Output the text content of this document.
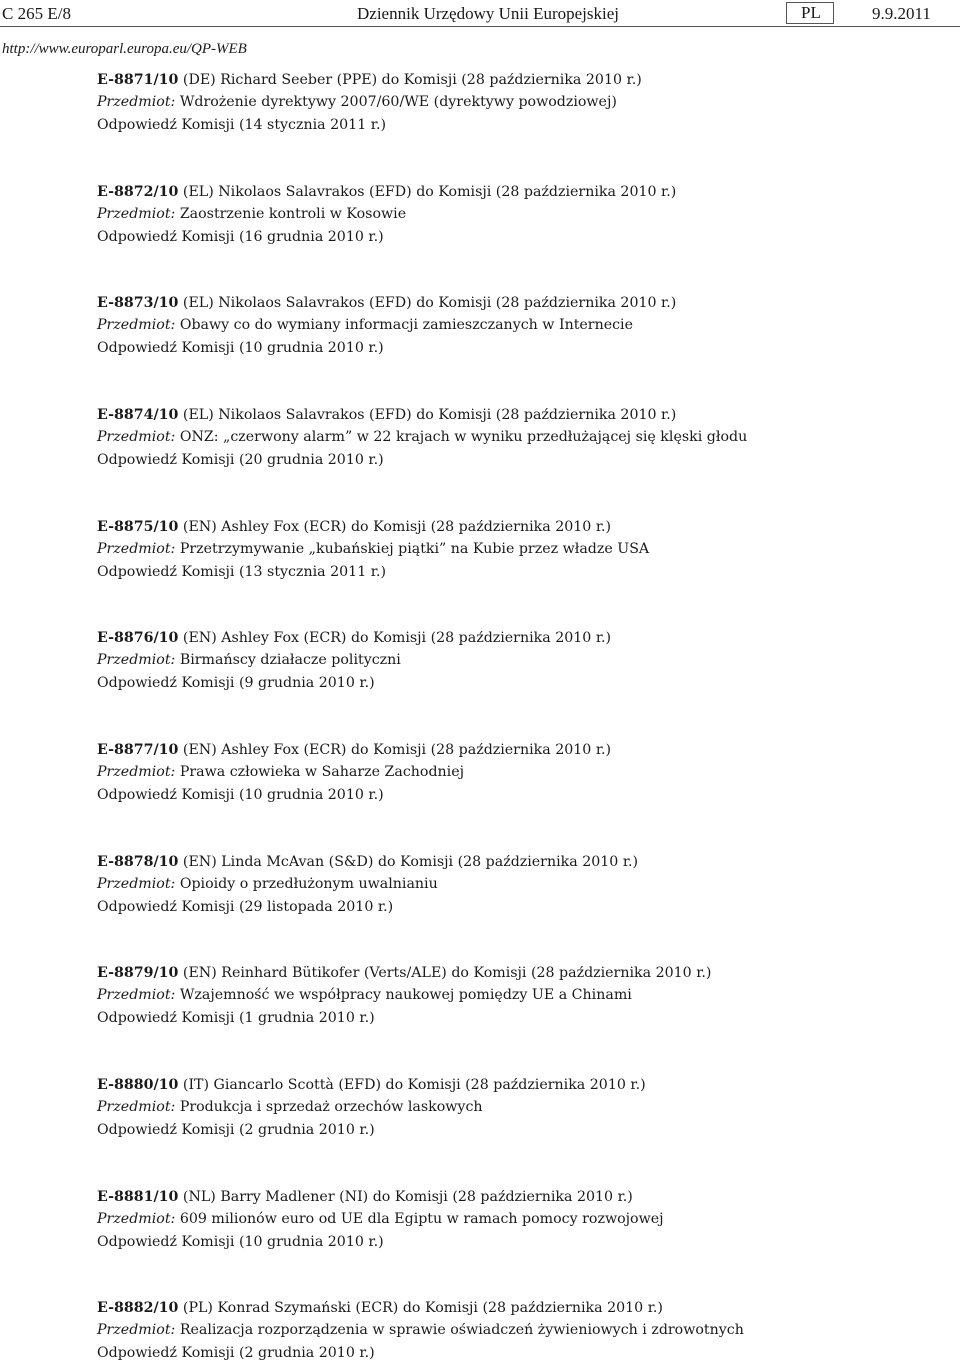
C 265 E/8	Dziennik Urzędowy Unii Europejskiej	PL	9.9.2011
http://www.europarl.europa.eu/QP-WEB
E-8871/10 (DE) Richard Seeber (PPE) do Komisji (28 października 2010 r.)
Przedmiot: Wdrożenie dyrektywy 2007/60/WE (dyrektywy powodziowej)
Odpowiedź Komisji (14 stycznia 2011 r.)
E-8872/10 (EL) Nikolaos Salavrakos (EFD) do Komisji (28 października 2010 r.)
Przedmiot: Zaostrzenie kontroli w Kosowie
Odpowiedź Komisji (16 grudnia 2010 r.)
E-8873/10 (EL) Nikolaos Salavrakos (EFD) do Komisji (28 października 2010 r.)
Przedmiot: Obawy co do wymiany informacji zamieszczanych w Internecie
Odpowiedź Komisji (10 grudnia 2010 r.)
E-8874/10 (EL) Nikolaos Salavrakos (EFD) do Komisji (28 października 2010 r.)
Przedmiot: ONZ: „czerwony alarm” w 22 krajach w wyniku przedłużającej się klęski głodu
Odpowiedź Komisji (20 grudnia 2010 r.)
E-8875/10 (EN) Ashley Fox (ECR) do Komisji (28 października 2010 r.)
Przedmiot: Przetrzymywanie „kubańskiej piątki” na Kubie przez władze USA
Odpowiedź Komisji (13 stycznia 2011 r.)
E-8876/10 (EN) Ashley Fox (ECR) do Komisji (28 października 2010 r.)
Przedmiot: Birmańscy działacze polityczni
Odpowiedź Komisji (9 grudnia 2010 r.)
E-8877/10 (EN) Ashley Fox (ECR) do Komisji (28 października 2010 r.)
Przedmiot: Prawa człowieka w Saharze Zachodniej
Odpowiedź Komisji (10 grudnia 2010 r.)
E-8878/10 (EN) Linda McAvan (S&D) do Komisji (28 października 2010 r.)
Przedmiot: Opioidy o przedłużonym uwalnianiu
Odpowiedź Komisji (29 listopada 2010 r.)
E-8879/10 (EN) Reinhard Bütikofer (Verts/ALE) do Komisji (28 października 2010 r.)
Przedmiot: Wzajemność we współpracy naukowej pomiędzy UE a Chinami
Odpowiedź Komisji (1 grudnia 2010 r.)
E-8880/10 (IT) Giancarlo Scottà (EFD) do Komisji (28 października 2010 r.)
Przedmiot: Produkcja i sprzedaż orzechów laskowych
Odpowiedź Komisji (2 grudnia 2010 r.)
E-8881/10 (NL) Barry Madlener (NI) do Komisji (28 października 2010 r.)
Przedmiot: 609 milionów euro od UE dla Egiptu w ramach pomocy rozwojowej
Odpowiedź Komisji (10 grudnia 2010 r.)
E-8882/10 (PL) Konrad Szymański (ECR) do Komisji (28 października 2010 r.)
Przedmiot: Realizacja rozporządzenia w sprawie oświadczeń żywieniowych i zdrowotnych
Odpowiedź Komisji (2 grudnia 2010 r.)
